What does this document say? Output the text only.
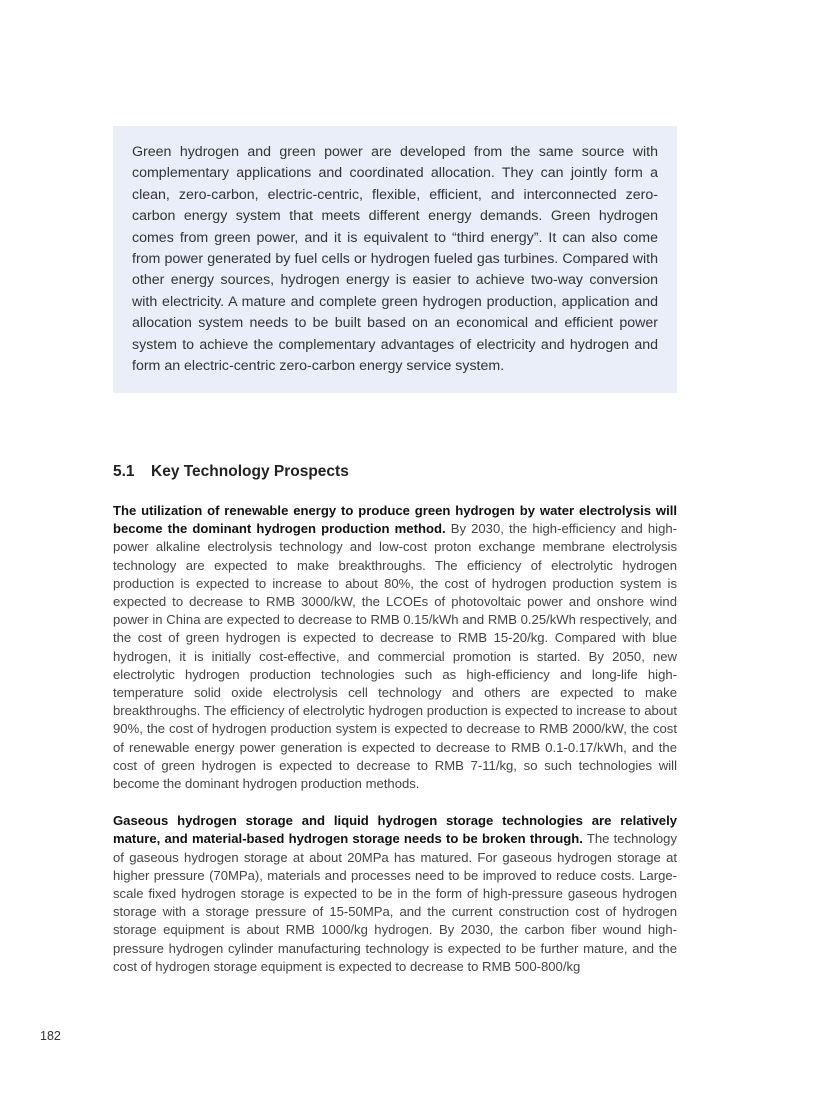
Green hydrogen and green power are developed from the same source with complementary applications and coordinated allocation. They can jointly form a clean, zero-carbon, electric-centric, flexible, efficient, and interconnected zero-carbon energy system that meets different energy demands. Green hydrogen comes from green power, and it is equivalent to “third energy”. It can also come from power generated by fuel cells or hydrogen fueled gas turbines. Compared with other energy sources, hydrogen energy is easier to achieve two-way conversion with electricity. A mature and complete green hydrogen production, application and allocation system needs to be built based on an economical and efficient power system to achieve the complementary advantages of electricity and hydrogen and form an electric-centric zero-carbon energy service system.

5.1 Key Technology Prospects

The utilization of renewable energy to produce green hydrogen by water electrolysis will become the dominant hydrogen production method. By 2030, the high-efficiency and high-power alkaline electrolysis technology and low-cost proton exchange membrane electrolysis technology are expected to make breakthroughs. The efficiency of electrolytic hydrogen production is expected to increase to about 80%, the cost of hydrogen production system is expected to decrease to RMB 3000/kW, the LCOEs of photovoltaic power and onshore wind power in China are expected to decrease to RMB 0.15/kWh and RMB 0.25/kWh respectively, and the cost of green hydrogen is expected to decrease to RMB 15-20/kg. Compared with blue hydrogen, it is initially cost-effective, and commercial promotion is started. By 2050, new electrolytic hydrogen production technologies such as high-efficiency and long-life high-temperature solid oxide electrolysis cell technology and others are expected to make breakthroughs. The efficiency of electrolytic hydrogen production is expected to increase to about 90%, the cost of hydrogen production system is expected to decrease to RMB 2000/kW, the cost of renewable energy power generation is expected to decrease to RMB 0.1-0.17/kWh, and the cost of green hydrogen is expected to decrease to RMB 7-11/kg, so such technologies will become the dominant hydrogen production methods.

Gaseous hydrogen storage and liquid hydrogen storage technologies are relatively mature, and material-based hydrogen storage needs to be broken through. The technology of gaseous hydrogen storage at about 20MPa has matured. For gaseous hydrogen storage at higher pressure (70MPa), materials and processes need to be improved to reduce costs. Large-scale fixed hydrogen storage is expected to be in the form of high-pressure gaseous hydrogen storage with a storage pressure of 15-50MPa, and the current construction cost of hydrogen storage equipment is about RMB 1000/kg hydrogen. By 2030, the carbon fiber wound high-pressure hydrogen cylinder manufacturing technology is expected to be further mature, and the cost of hydrogen storage equipment is expected to decrease to RMB 500-800/kg

182
